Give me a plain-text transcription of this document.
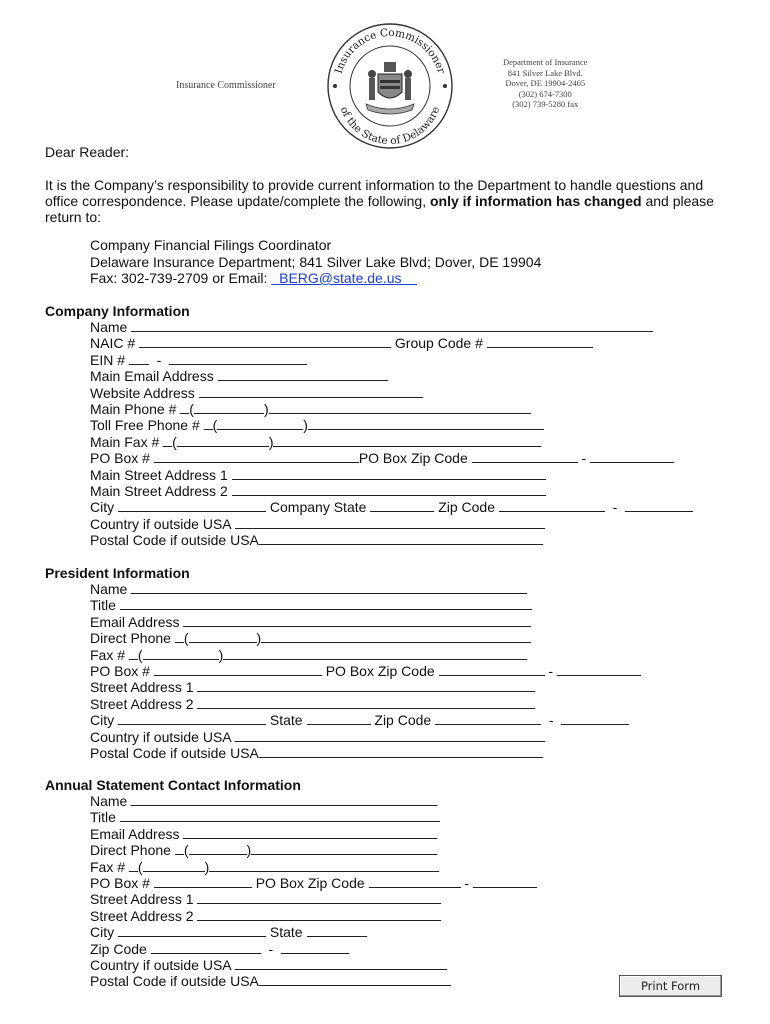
Insurance Commissioner
Insurance Commissioner
of the State of Delaware
Department of Insurance
841 Silver Lake Blvd.
Dover, DE 19904-2465
(302) 674-7300
(302) 739-5280 fax
Dear Reader:
It is the Company’s responsibility to provide current information to the Department to handle questions and
office correspondence. Please update/complete the following, only if information has changed and please
return to:
Company Financial Filings Coordinator
Delaware Insurance Department; 841 Silver Lake Blvd; Dover, DE 19904
Fax: 302-739-2709 or Email:   BERG@state.de.us
Company Information
Name
NAIC #	Group Code #
EIN #   -
Main Email Address
Website Address
Main Phone # (	)
Toll Free Phone # (	)
Main Fax # (	)
PO Box #	PO Box Zip Code	-
Main Street Address 1
Main Street Address 2
City	Company State	Zip Code	-
Country if outside USA
Postal Code if outside USA
President Information
Name
Title
Email Address
Direct Phone (	)
Fax # (	)
PO Box #	PO Box Zip Code	-
Street Address 1
Street Address 2
City	State	Zip Code	-
Country if outside USA
Postal Code if outside USA
Annual Statement Contact Information
Name
Title
Email Address
Direct Phone (	)
Fax # (	)
PO Box #	PO Box Zip Code	-
Street Address 1
Street Address 2
City	State
Zip Code	-
Country if outside USA
Postal Code if outside USA	Print Form
